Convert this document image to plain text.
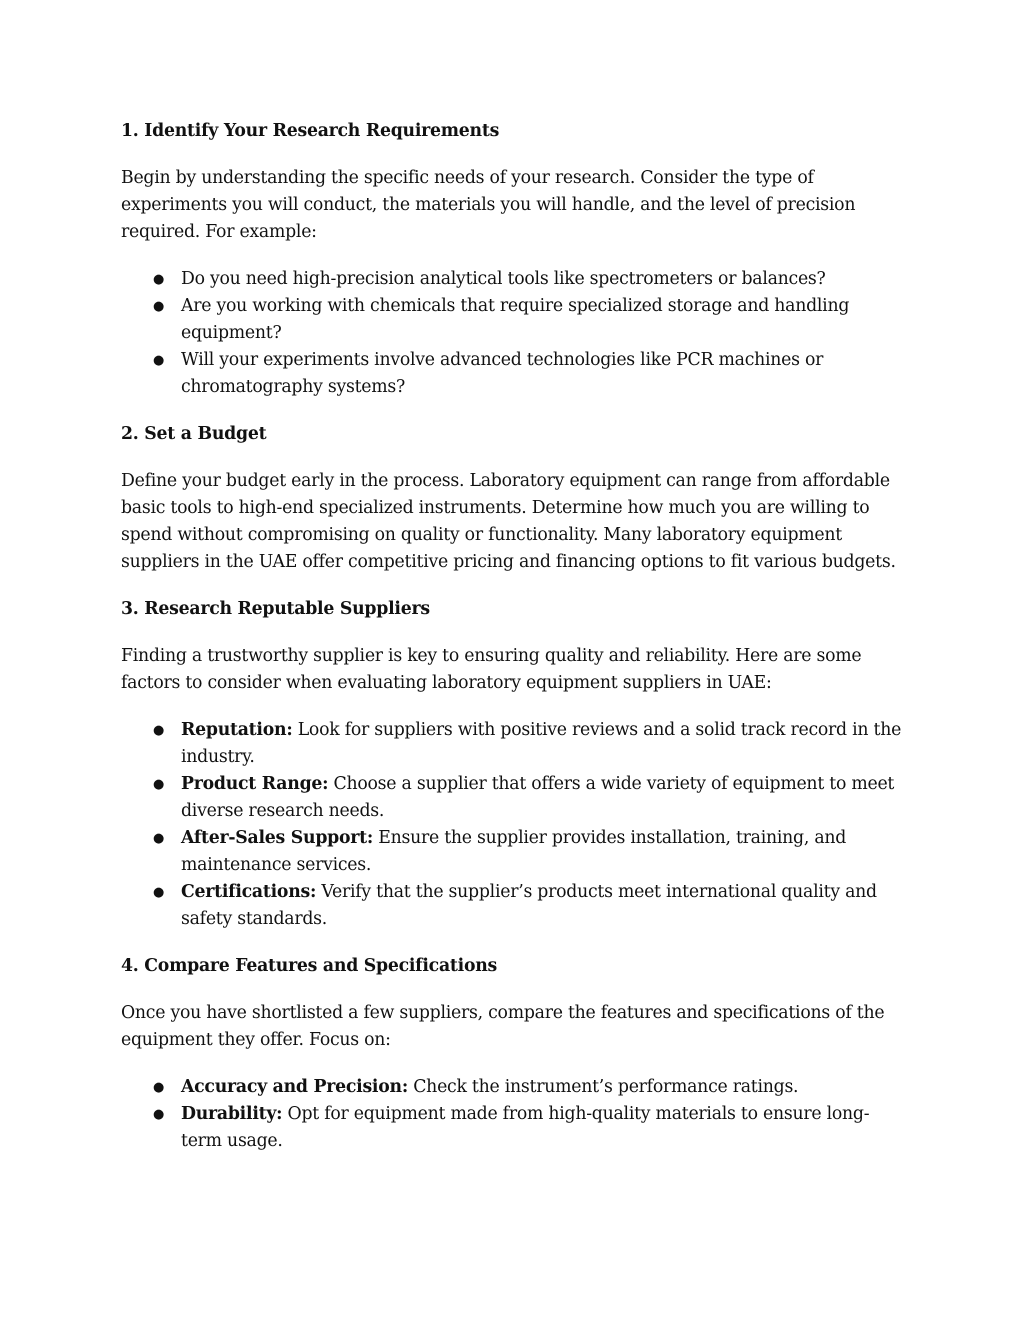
1. Identify Your Research Requirements
Begin by understanding the specific needs of your research. Consider the type of experiments you will conduct, the materials you will handle, and the level of precision required. For example:
● Do you need high-precision analytical tools like spectrometers or balances?
● Are you working with chemicals that require specialized storage and handling equipment?
● Will your experiments involve advanced technologies like PCR machines or chromatography systems?
2. Set a Budget
Define your budget early in the process. Laboratory equipment can range from affordable basic tools to high-end specialized instruments. Determine how much you are willing to spend without compromising on quality or functionality. Many laboratory equipment suppliers in the UAE offer competitive pricing and financing options to fit various budgets.
3. Research Reputable Suppliers
Finding a trustworthy supplier is key to ensuring quality and reliability. Here are some factors to consider when evaluating laboratory equipment suppliers in UAE:
● Reputation: Look for suppliers with positive reviews and a solid track record in the industry.
● Product Range: Choose a supplier that offers a wide variety of equipment to meet diverse research needs.
● After-Sales Support: Ensure the supplier provides installation, training, and maintenance services.
● Certifications: Verify that the supplier’s products meet international quality and safety standards.
4. Compare Features and Specifications
Once you have shortlisted a few suppliers, compare the features and specifications of the equipment they offer. Focus on:
● Accuracy and Precision: Check the instrument’s performance ratings.
● Durability: Opt for equipment made from high-quality materials to ensure long-term usage.
